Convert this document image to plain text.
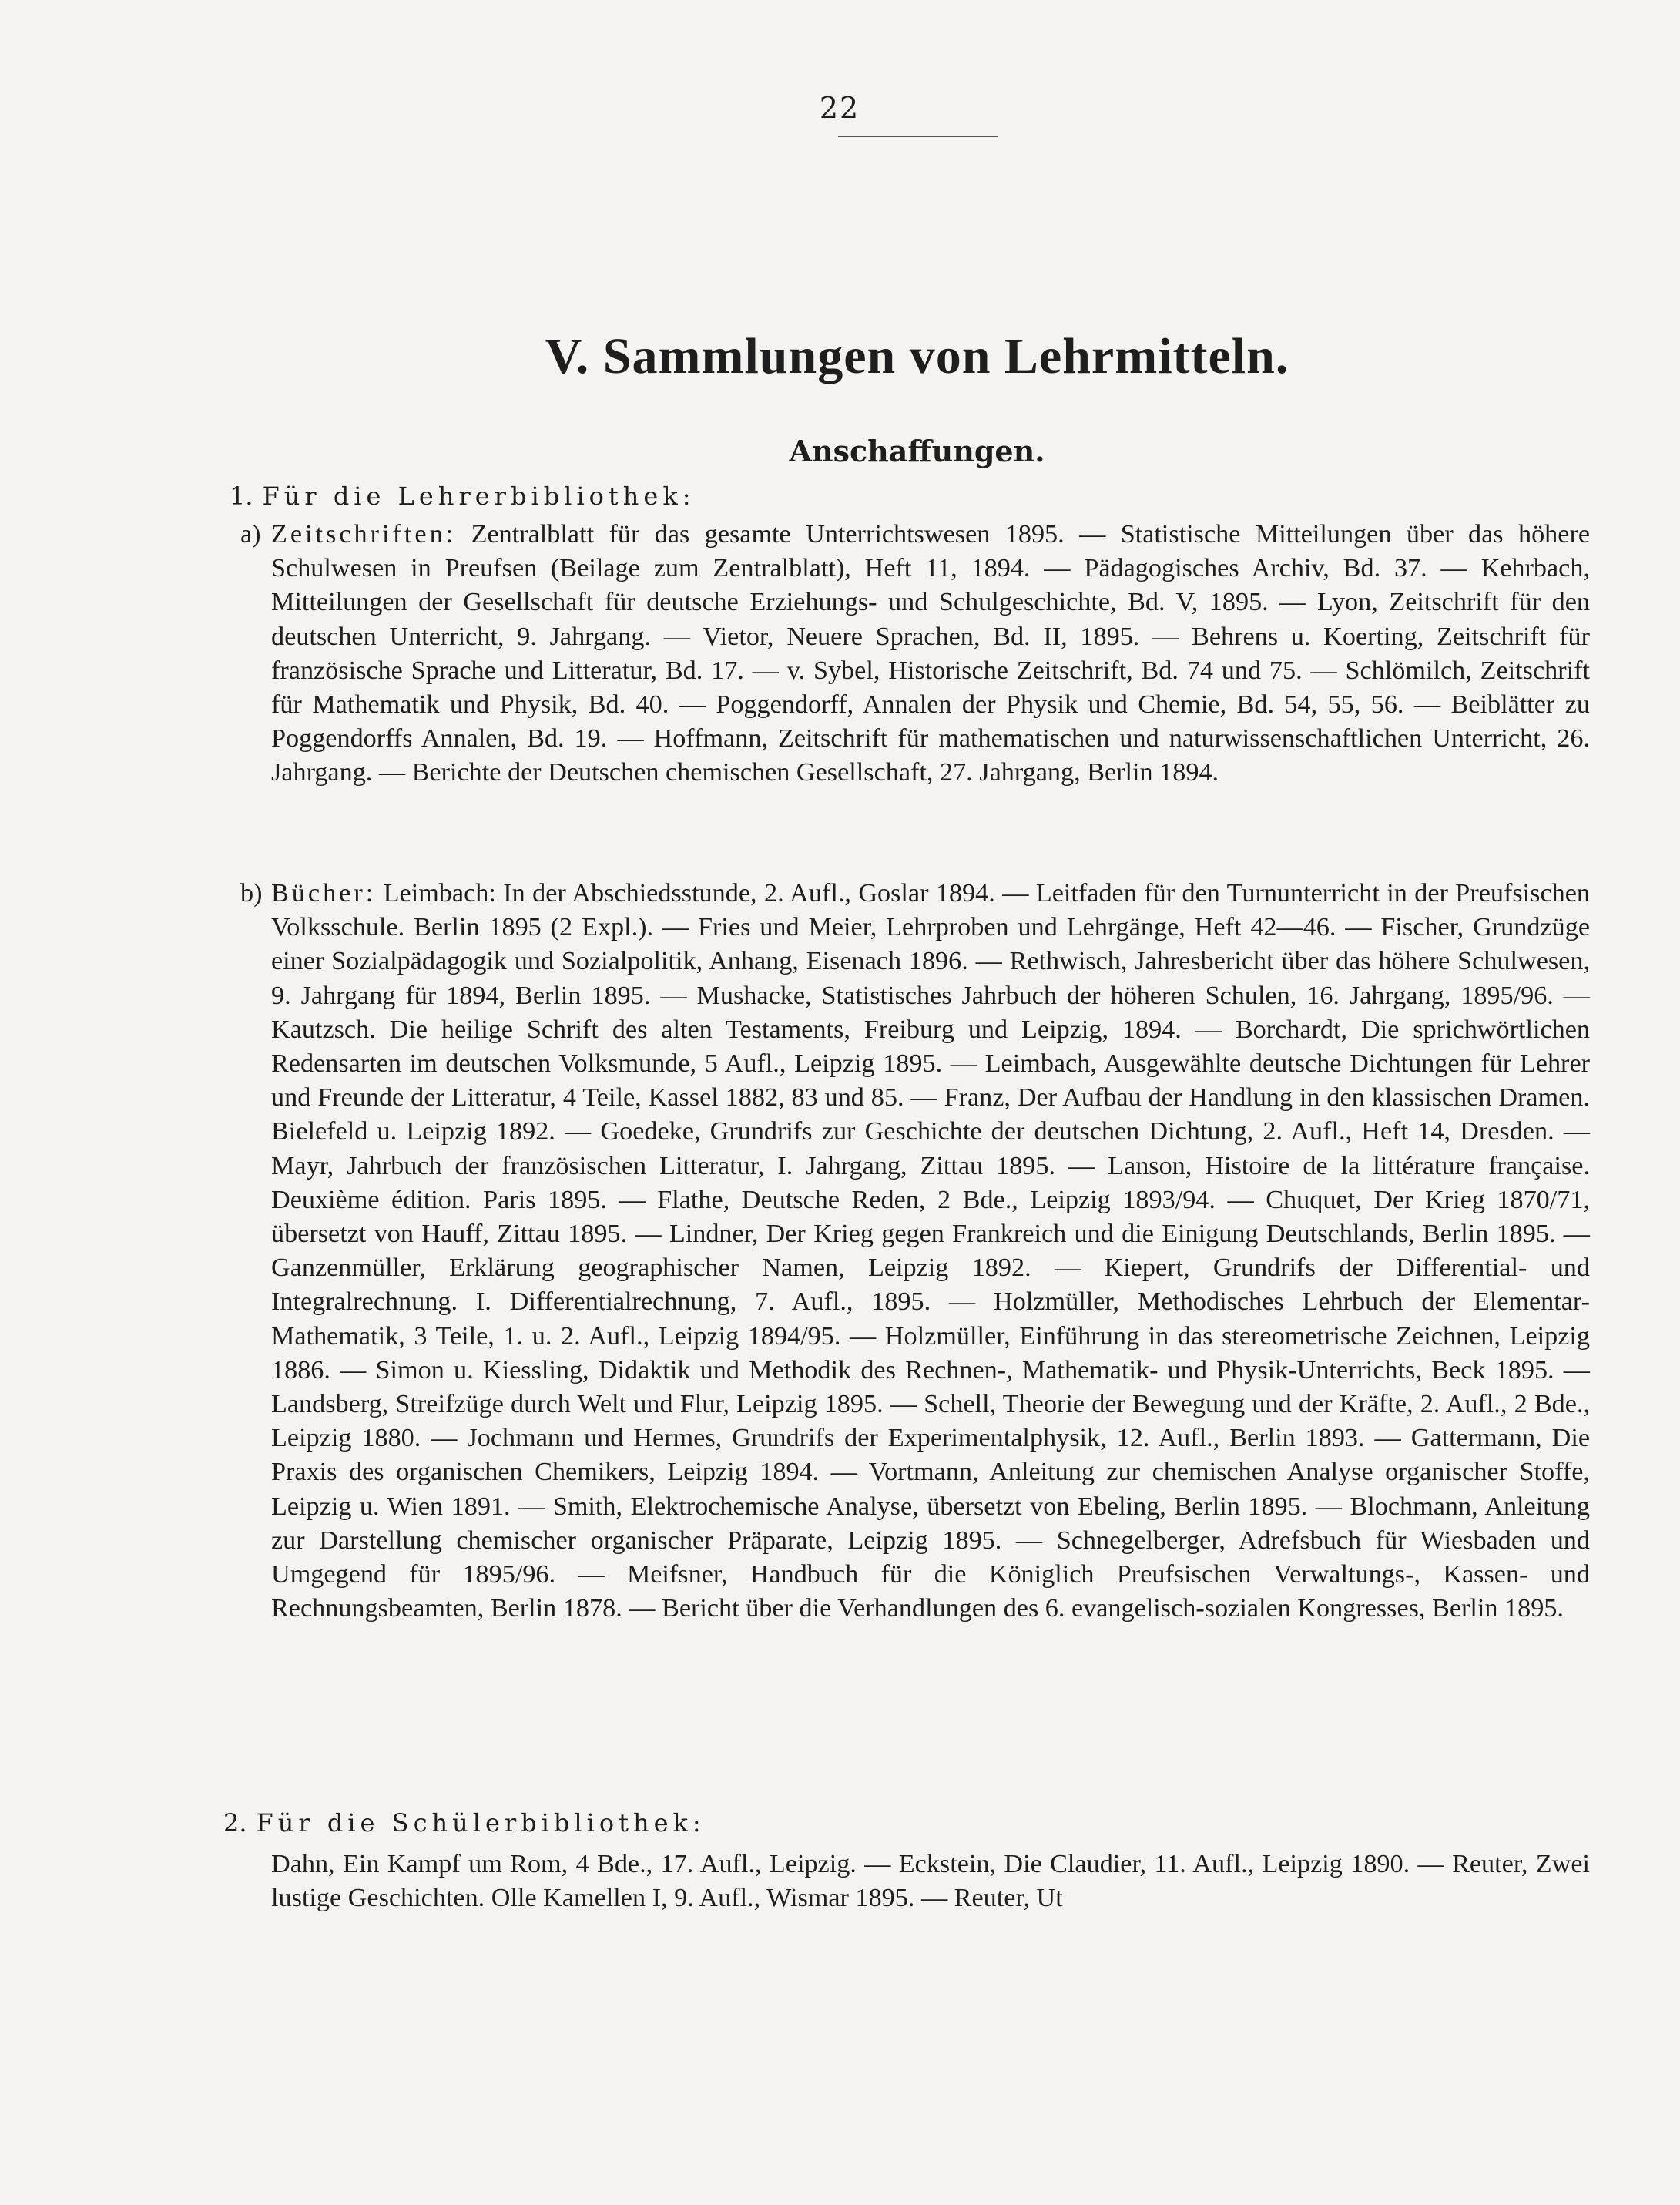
22
V. Sammlungen von Lehrmitteln.
Anschaffungen.
1. Für die Lehrerbibliothek:
a) Zeitschriften: Zentralblatt für das gesamte Unterrichtswesen 1895. — Statistische Mitteilungen über das höhere Schulwesen in Preufsen (Beilage zum Zentralblatt), Heft 11, 1894. — Pädagogisches Archiv, Bd. 37. — Kehrbach, Mitteilungen der Gesellschaft für deutsche Erziehungs- und Schulgeschichte, Bd. V, 1895. — Lyon, Zeitschrift für den deutschen Unterricht, 9. Jahrgang. — Vietor, Neuere Sprachen, Bd. II, 1895. — Behrens u. Koerting, Zeitschrift für französische Sprache und Litteratur, Bd. 17. — v. Sybel, Historische Zeitschrift, Bd. 74 und 75. — Schlömilch, Zeitschrift für Mathematik und Physik, Bd. 40. — Poggendorff, Annalen der Physik und Chemie, Bd. 54, 55, 56. — Beiblätter zu Poggendorffs Annalen, Bd. 19. — Hoffmann, Zeitschrift für mathematischen und naturwissenschaftlichen Unterricht, 26. Jahrgang. — Berichte der Deutschen chemischen Gesellschaft, 27. Jahrgang, Berlin 1894.
b) Bücher: Leimbach: In der Abschiedsstunde, 2. Aufl., Goslar 1894. — Leitfaden für den Turnunterricht in der Preufsischen Volksschule. Berlin 1895 (2 Expl.). — Fries und Meier, Lehrproben und Lehrgänge, Heft 42—46. — Fischer, Grundzüge einer Sozialpädagogik und Sozialpolitik, Anhang, Eisenach 1896. — Rethwisch, Jahresbericht über das höhere Schulwesen, 9. Jahrgang für 1894, Berlin 1895. — Mushacke, Statistisches Jahrbuch der höheren Schulen, 16. Jahrgang, 1895/96. — Kautzsch. Die heilige Schrift des alten Testaments, Freiburg und Leipzig, 1894. — Borchardt, Die sprichwörtlichen Redensarten im deutschen Volksmunde, 5 Aufl., Leipzig 1895. — Leimbach, Ausgewählte deutsche Dichtungen für Lehrer und Freunde der Litteratur, 4 Teile, Kassel 1882, 83 und 85. — Franz, Der Aufbau der Handlung in den klassischen Dramen. Bielefeld u. Leipzig 1892. — Goedeke, Grundrifs zur Geschichte der deutschen Dichtung, 2. Aufl., Heft 14, Dresden. — Mayr, Jahrbuch der französischen Litteratur, I. Jahrgang, Zittau 1895. — Lanson, Histoire de la littérature française. Deuxième édition. Paris 1895. — Flathe, Deutsche Reden, 2 Bde., Leipzig 1893/94. — Chuquet, Der Krieg 1870/71, übersetzt von Hauff, Zittau 1895. — Lindner, Der Krieg gegen Frankreich und die Einigung Deutschlands, Berlin 1895. — Ganzenmüller, Erklärung geographischer Namen, Leipzig 1892. — Kiepert, Grundrifs der Differential- und Integralrechnung. I. Differentialrechnung, 7. Aufl., 1895. — Holzmüller, Methodisches Lehrbuch der Elementar-Mathematik, 3 Teile, 1. u. 2. Aufl., Leipzig 1894/95. — Holzmüller, Einführung in das stereometrische Zeichnen, Leipzig 1886. — Simon u. Kiessling, Didaktik und Methodik des Rechnen-, Mathematik- und Physik-Unterrichts, Beck 1895. — Landsberg, Streifzüge durch Welt und Flur, Leipzig 1895. — Schell, Theorie der Bewegung und der Kräfte, 2. Aufl., 2 Bde., Leipzig 1880. — Jochmann und Hermes, Grundrifs der Experimentalphysik, 12. Aufl., Berlin 1893. — Gattermann, Die Praxis des organischen Chemikers, Leipzig 1894. — Vortmann, Anleitung zur chemischen Analyse organischer Stoffe, Leipzig u. Wien 1891. — Smith, Elektrochemische Analyse, übersetzt von Ebeling, Berlin 1895. — Blochmann, Anleitung zur Darstellung chemischer organischer Präparate, Leipzig 1895. — Schnegelberger, Adrefsbuch für Wiesbaden und Umgegend für 1895/96. — Meifsner, Handbuch für die Königlich Preufsischen Verwaltungs-, Kassen- und Rechnungsbeamten, Berlin 1878. — Bericht über die Verhandlungen des 6. evangelisch-sozialen Kongresses, Berlin 1895.
2. Für die Schülerbibliothek:
Dahn, Ein Kampf um Rom, 4 Bde., 17. Aufl., Leipzig. — Eckstein, Die Claudier, 11. Aufl., Leipzig 1890. — Reuter, Zwei lustige Geschichten. Olle Kamellen I, 9. Aufl., Wismar 1895. — Reuter, Ut
